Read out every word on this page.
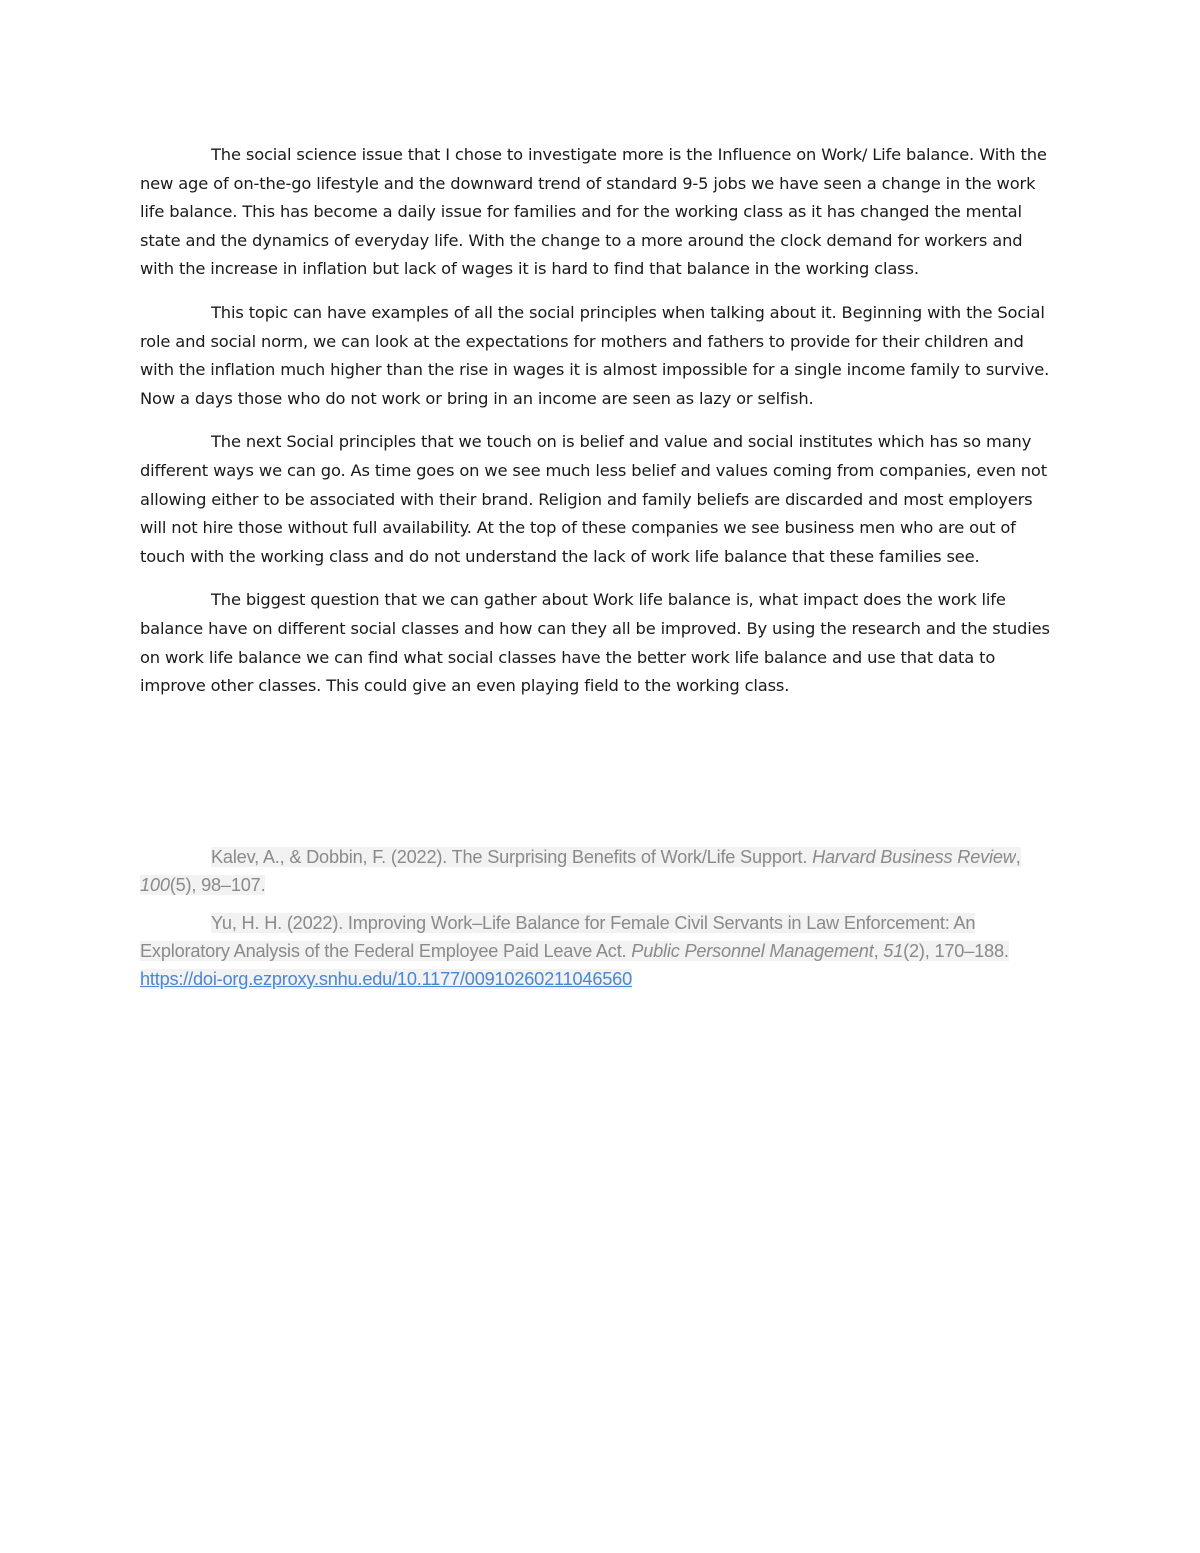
The social science issue that I chose to investigate more is the Influence on Work/ Life balance. With the new age of on-the-go lifestyle and the downward trend of standard 9-5 jobs we have seen a change in the work life balance. This has become a daily issue for families and for the working class as it has changed the mental state and the dynamics of everyday life. With the change to a more around the clock demand for workers and with the increase in inflation but lack of wages it is hard to find that balance in the working class.

This topic can have examples of all the social principles when talking about it. Beginning with the Social role and social norm, we can look at the expectations for mothers and fathers to provide for their children and with the inflation much higher than the rise in wages it is almost impossible for a single income family to survive. Now a days those who do not work or bring in an income are seen as lazy or selfish.

The next Social principles that we touch on is belief and value and social institutes which has so many different ways we can go. As time goes on we see much less belief and values coming from companies, even not allowing either to be associated with their brand. Religion and family beliefs are discarded and most employers will not hire those without full availability. At the top of these companies we see business men who are out of touch with the working class and do not understand the lack of work life balance that these families see.

The biggest question that we can gather about Work life balance is, what impact does the work life balance have on different social classes and how can they all be improved. By using the research and the studies on work life balance we can find what social classes have the better work life balance and use that data to improve other classes. This could give an even playing field to the working class.

Kalev, A., & Dobbin, F. (2022). The Surprising Benefits of Work/Life Support. Harvard Business Review, 100(5), 98–107.

Yu, H. H. (2022). Improving Work–Life Balance for Female Civil Servants in Law Enforcement: An Exploratory Analysis of the Federal Employee Paid Leave Act. Public Personnel Management, 51(2), 170–188. https://doi-org.ezproxy.snhu.edu/10.1177/00910260211046560
